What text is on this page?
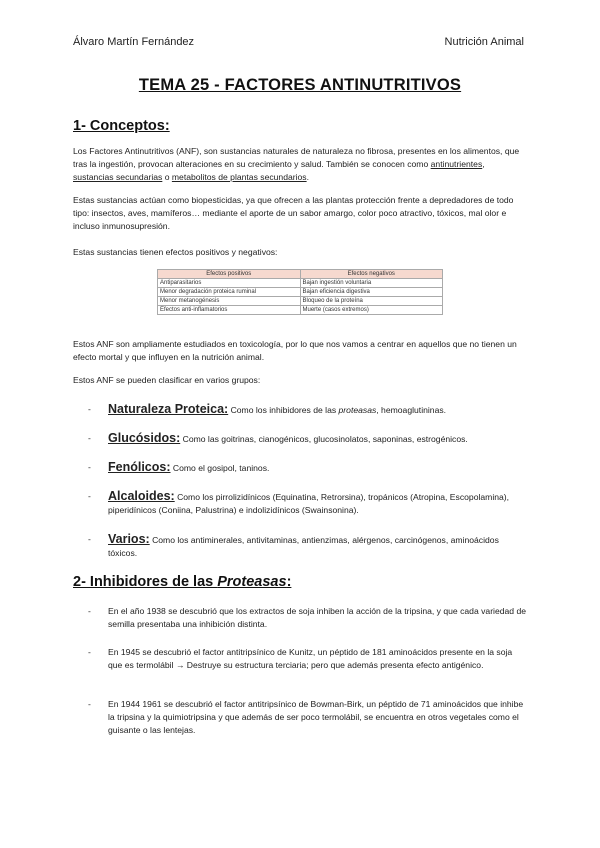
Álvaro Martín Fernández	Nutrición Animal
TEMA 25 - FACTORES ANTINUTRITIVOS
1- Conceptos:
Los Factores Antinutritivos (ANF), son sustancias naturales de naturaleza no fibrosa, presentes en los alimentos, que tras la ingestión, provocan alteraciones en su crecimiento y salud. También se conocen como antinutrientes, sustancias secundarias o metabolitos de plantas secundarios.
Estas sustancias actúan como biopesticidas, ya que ofrecen a las plantas protección frente a depredadores de todo tipo: insectos, aves, mamíferos… mediante el aporte de un sabor amargo, color poco atractivo, tóxicos, mal olor e incluso inmunosupresión.
Estas sustancias tienen efectos positivos y negativos:
Efectos positivos	Efectos negativos
Antiparasitarios	Bajan ingestión voluntaria
Menor degradación proteica ruminal	Bajan eficiencia digestiva
Menor metanogénesis	Bloqueo de la proteína
Efectos anti-inflamatorios	Muerte (casos extremos)
Estos ANF son ampliamente estudiados en toxicología, por lo que nos vamos a centrar en aquellos que no tienen un efecto mortal y que influyen en la nutrición animal.
Estos ANF se pueden clasificar en varios grupos:
-	Naturaleza Proteica: Como los inhibidores de las proteasas, hemoaglutininas.
-	Glucósidos: Como las goitrinas, cianogénicos, glucosinolatos, saponinas, estrogénicos.
-	Fenólicos: Como el gosipol, taninos.
-	Alcaloides: Como los pirrolizidínicos (Equinatina, Retrorsina), tropánicos (Atropina, Escopolamina), piperidínicos (Coniina, Palustrina) e indolizidínicos (Swainsonina).
-	Varios: Como los antiminerales, antivitaminas, antienzimas, alérgenos, carcinógenos, aminoácidos tóxicos.
2- Inhibidores de las Proteasas:
-	En el año 1938 se descubrió que los extractos de soja inhiben la acción de la tripsina, y que cada variedad de semilla presentaba una inhibición distinta.
-	En 1945 se descubrió el factor antitripsínico de Kunitz, un péptido de 181 aminoácidos presente en la soja que es termolábil → Destruye su estructura terciaria; pero que además presenta efecto antigénico.
-	En 1944 1961 se descubrió el factor antitripsínico de Bowman-Birk, un péptido de 71 aminoácidos que inhibe la tripsina y la quimiotripsina y que además de ser poco termolábil, se encuentra en otros vegetales como el guisante o las lentejas.
